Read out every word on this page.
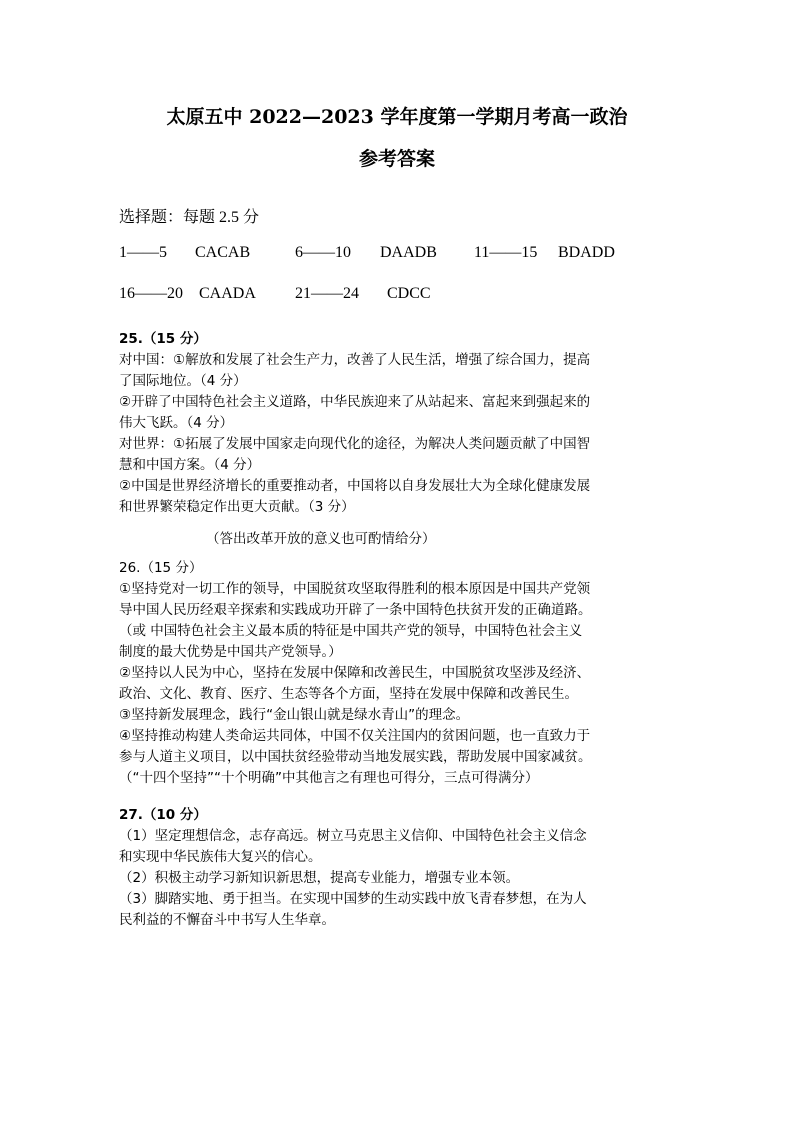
太原五中 2022—2023 学年度第一学期月考高一政治
参考答案
选择题：每题 2.5 分
1——5 CACAB	6——10 DAADB 11——15 BDADD
16——20 CAADA 21——24 CDCC
25.（15 分）
对中国：①解放和发展了社会生产力，改善了人民生活，增强了综合国力，提高
了国际地位。（4 分）
②开辟了中国特色社会主义道路，中华民族迎来了从站起来、富起来到强起来的
伟大飞跃。（4 分）
对世界：①拓展了发展中国家走向现代化的途径，为解决人类问题贡献了中国智
慧和中国方案。（4 分）
②中国是世界经济增长的重要推动者，中国将以自身发展壮大为全球化健康发展
和世界繁荣稳定作出更大贡献。（3 分）
（答出改革开放的意义也可酌情给分）
26.（15 分）
①坚持党对一切工作的领导，中国脱贫攻坚取得胜利的根本原因是中国共产党领
导中国人民历经艰辛探索和实践成功开辟了一条中国特色扶贫开发的正确道路。
（或 中国特色社会主义最本质的特征是中国共产党的领导，中国特色社会主义
制度的最大优势是中国共产党领导。）
②坚持以人民为中心，坚持在发展中保障和改善民生，中国脱贫攻坚涉及经济、
政治、文化、教育、医疗、生态等各个方面，坚持在发展中保障和改善民生。
③坚持新发展理念，践行“金山银山就是绿水青山”的理念。
④坚持推动构建人类命运共同体，中国不仅关注国内的贫困问题，也一直致力于
参与人道主义项目，以中国扶贫经验带动当地发展实践，帮助发展中国家减贫。
（“十四个坚持”“十个明确”中其他言之有理也可得分，三点可得满分）
27.（10 分）
（1）坚定理想信念，志存高远。树立马克思主义信仰、中国特色社会主义信念
和实现中华民族伟大复兴的信心。
（2）积极主动学习新知识新思想，提高专业能力，增强专业本领。
（3）脚踏实地、勇于担当。在实现中国梦的生动实践中放飞青春梦想，在为人
民利益的不懈奋斗中书写人生华章。
